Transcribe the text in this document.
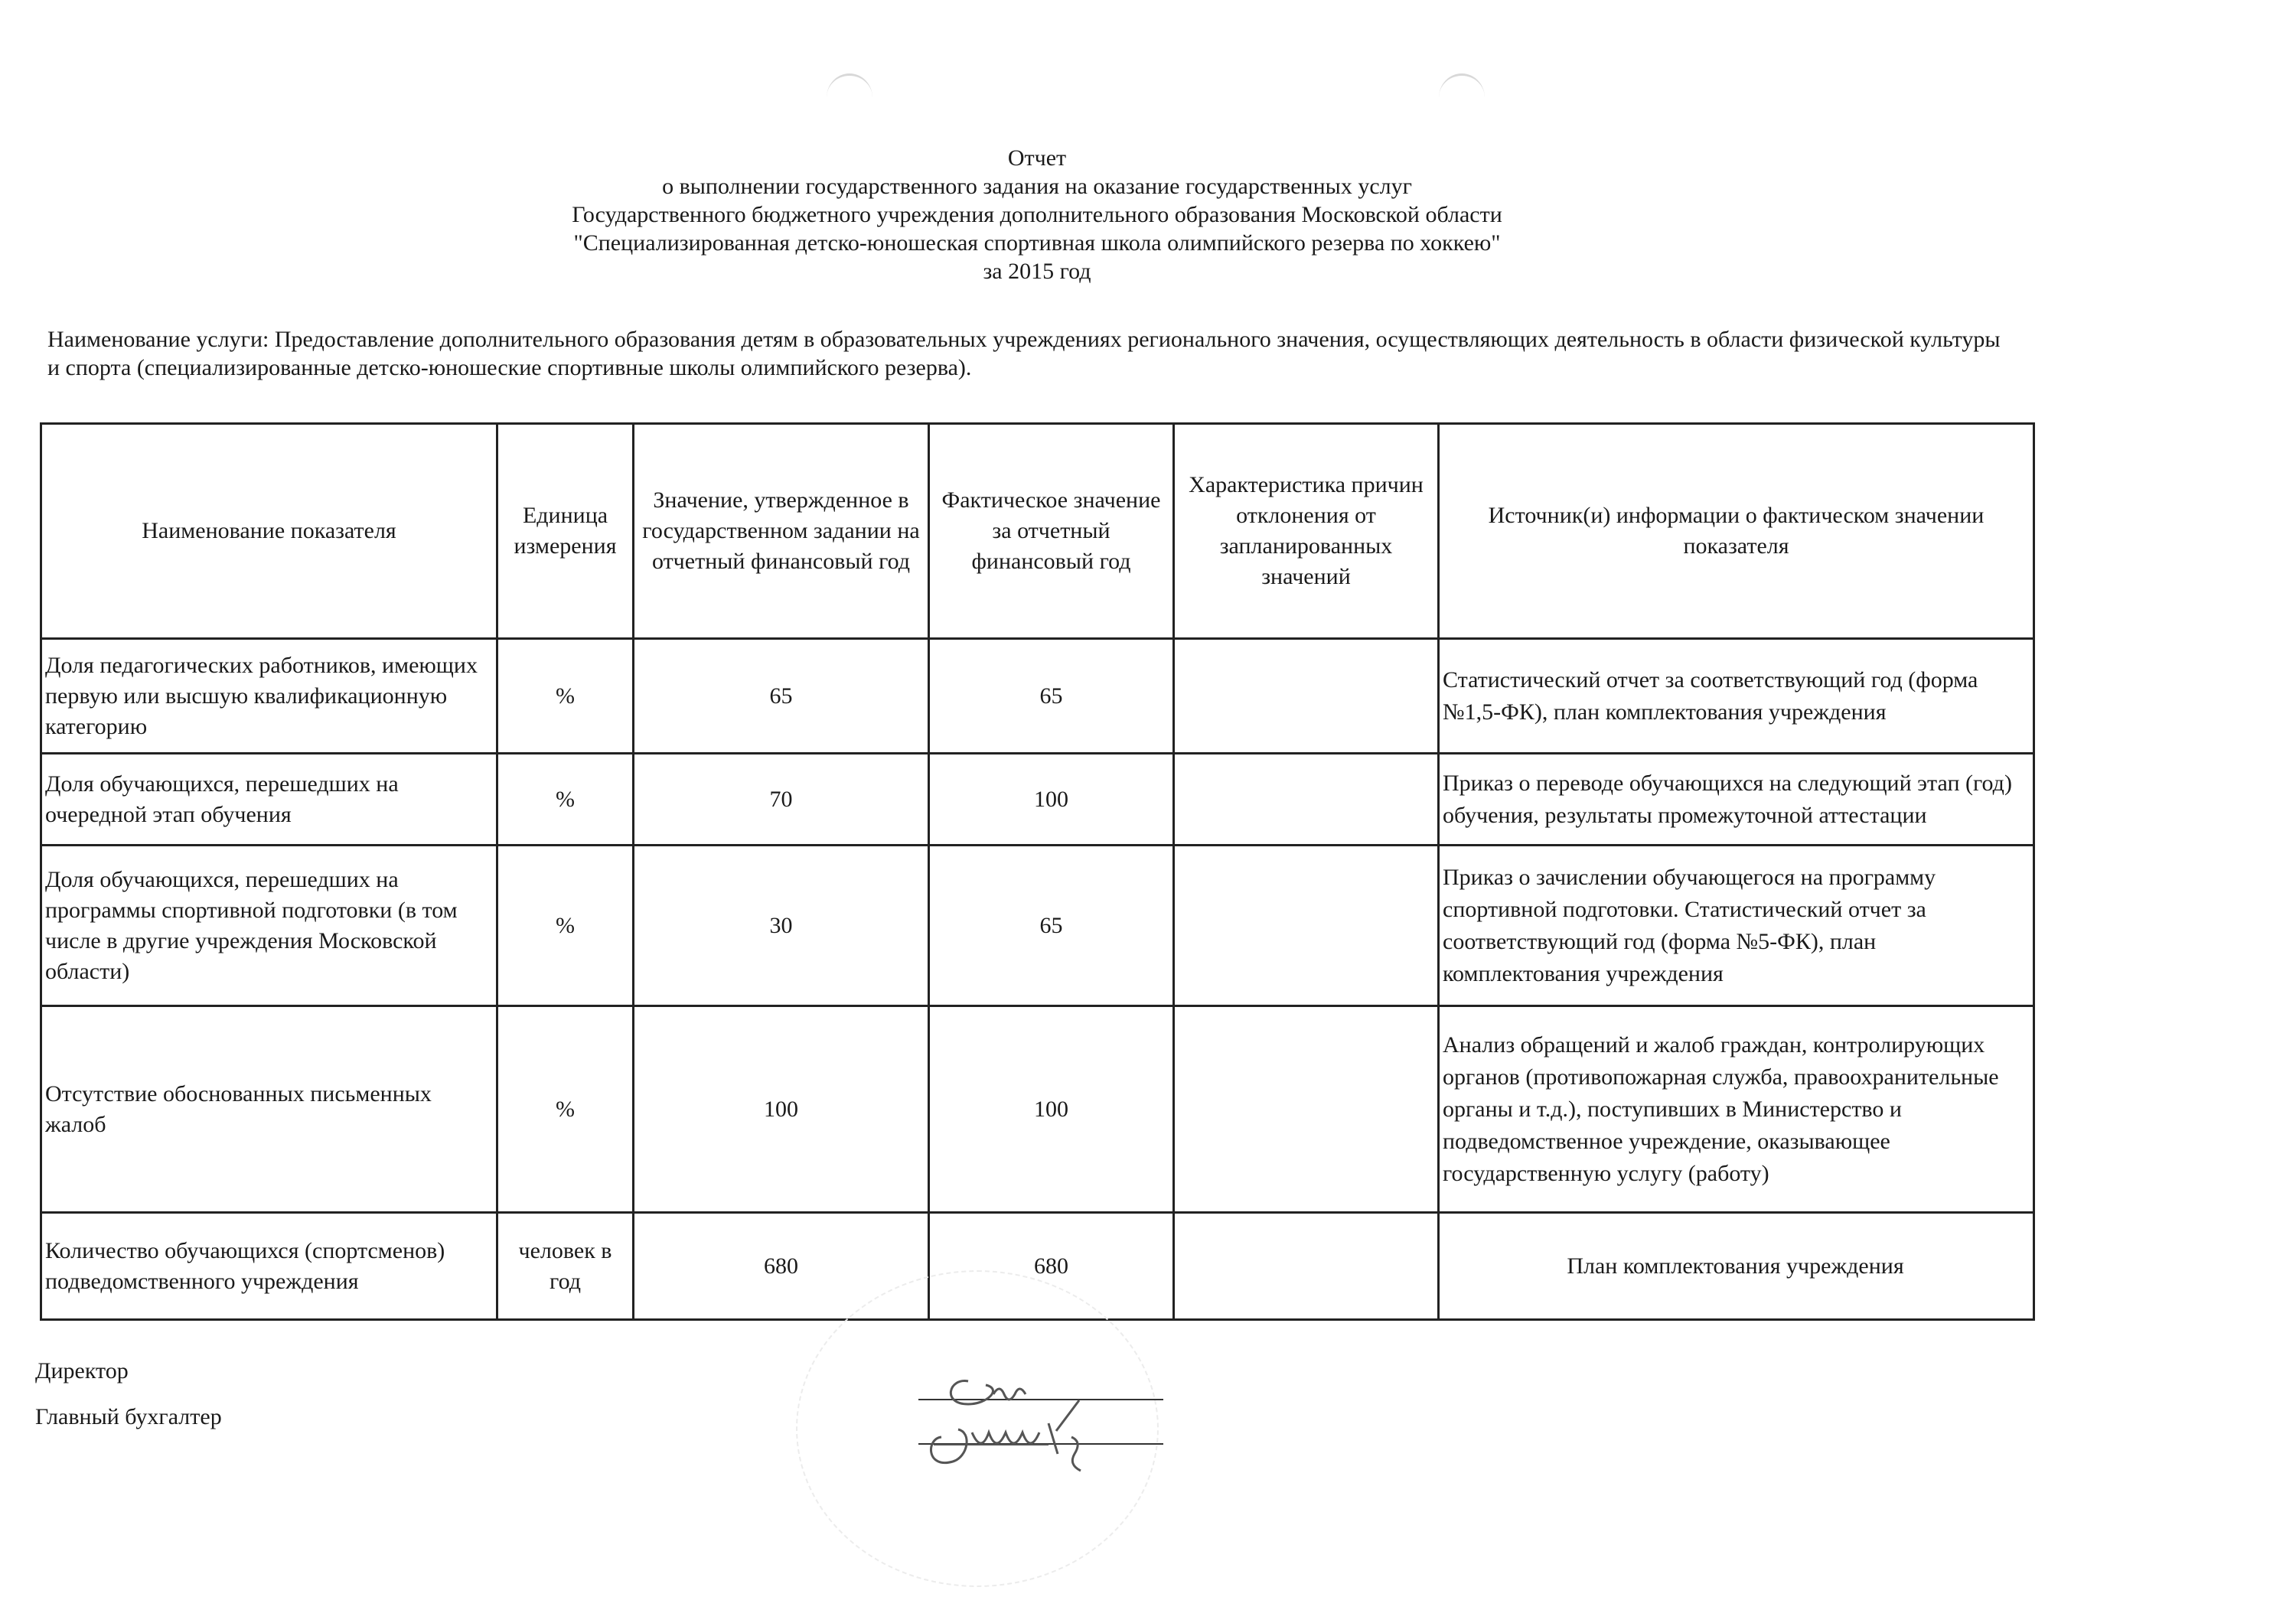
Отчет
о выполнении государственного задания на оказание государственных услуг
Государственного бюджетного учреждения дополнительного образования Московской области
"Специализированная детско-юношеская спортивная школа олимпийского резерва по хоккею"
за 2015 год
Наименование услуги: Предоставление дополнительного образования детям в образовательных учреждениях регионального значения, осуществляющих деятельность в области физической культуры и спорта (специализированные детско-юношеские спортивные школы олимпийского резерва).
Наименование показателя	Единица измерения	Значение, утвержденное в государственном задании на отчетный финансовый год	Фактическое значение за отчетный финансовый год	Характеристика причин отклонения от запланированных значений	Источник(и) информации о фактическом значении показателя
Доля педагогических работников, имеющих первую или высшую квалификационную категорию	%	65	65		Статистический отчет за соответствующий год (форма №1,5-ФК), план комплектования учреждения
Доля обучающихся, перешедших на очередной этап обучения	%	70	100		Приказ о переводе обучающихся на следующий этап (год) обучения, результаты промежуточной аттестации
Доля обучающихся, перешедших на программы спортивной подготовки (в том числе в другие учреждения Московской области)	%	30	65		Приказ о зачислении обучающегося на программу спортивной подготовки. Статистический отчет за соответствующий год (форма №5-ФК), план комплектования учреждения
Отсутствие обоснованных письменных жалоб	%	100	100		Анализ обращений и жалоб граждан, контролирующих органов (противопожарная служба, правоохранительные органы и т.д.), поступивших в Министерство и подведомственное учреждение, оказывающее государственную услугу (работу)
Количество обучающихся (спортсменов) подведомственного учреждения	человек в год	680	680		План комплектования учреждения
Директор
Главный бухгалтер
